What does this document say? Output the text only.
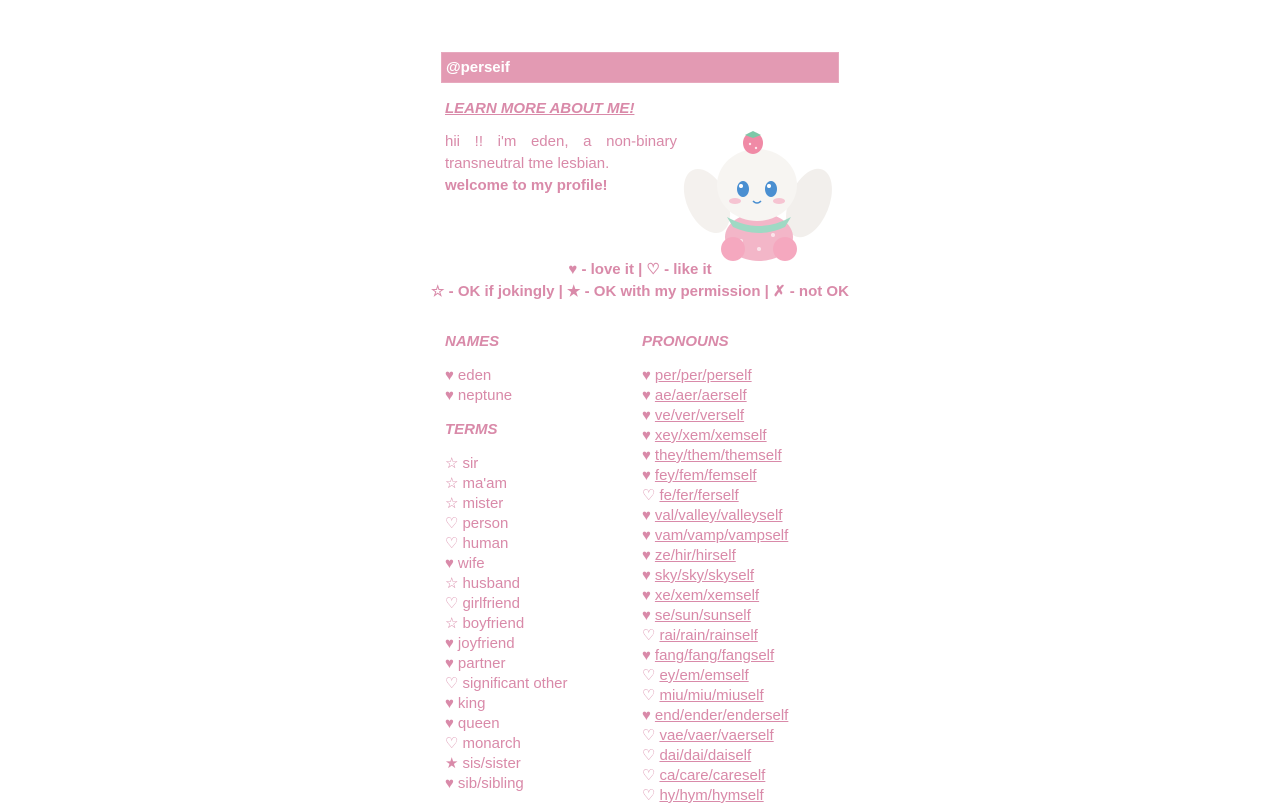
@perseif
LEARN MORE ABOUT ME!
hii !! i'm eden, a non-binary transneutral tme lesbian.
welcome to my profile!
♥ - love it | ♡ - like it
☆ - OK if jokingly | ★ - OK with my permission | ✗ - not OK
NAMES
♥ eden
♥ neptune
TERMS
☆ sir
☆ ma'am
☆ mister
♡ person
♡ human
♥ wife
☆ husband
♡ girlfriend
☆ boyfriend
♥ joyfriend
♥ partner
♡ significant other
♥ king
♥ queen
♡ monarch
★ sis/sister
♥ sib/sibling
PRONOUNS
♥ per/per/perself
♥ ae/aer/aerself
♥ ve/ver/verself
♥ xey/xem/xemself
♥ they/them/themself
♥ fey/fem/femself
♡ fe/fer/ferself
♥ val/valley/valleyself
♥ vam/vamp/vampself
♥ ze/hir/hirself
♥ sky/sky/skyself
♥ xe/xem/xemself
♥ se/sun/sunself
♡ rai/rain/rainself
♥ fang/fang/fangself
♡ ey/em/emself
♡ miu/miu/miuself
♥ end/ender/enderself
♡ vae/vaer/vaerself
♡ dai/dai/daiself
♡ ca/care/careself
♡ hy/hym/hymself
